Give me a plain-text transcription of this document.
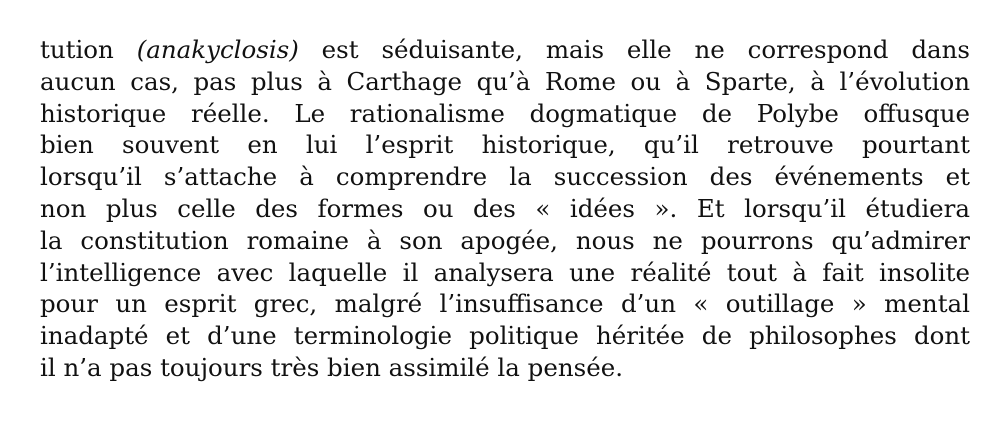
tution (anakyclosis) est séduisante, mais elle ne correspond dans
aucun cas, pas plus à Carthage qu’à Rome ou à Sparte, à l’évolution
historique réelle. Le rationalisme dogmatique de Polybe offusque
bien souvent en lui l’esprit historique, qu’il retrouve pourtant
lorsqu’il s’attache à comprendre la succession des événements et
non plus celle des formes ou des « idées ». Et lorsqu’il étudiera
la constitution romaine à son apogée, nous ne pourrons qu’admirer
l’intelligence avec laquelle il analysera une réalité tout à fait insolite
pour un esprit grec, malgré l’insuffisance d’un « outillage » mental
inadapté et d’une terminologie politique héritée de philosophes dont
il n’a pas toujours très bien assimilé la pensée.
